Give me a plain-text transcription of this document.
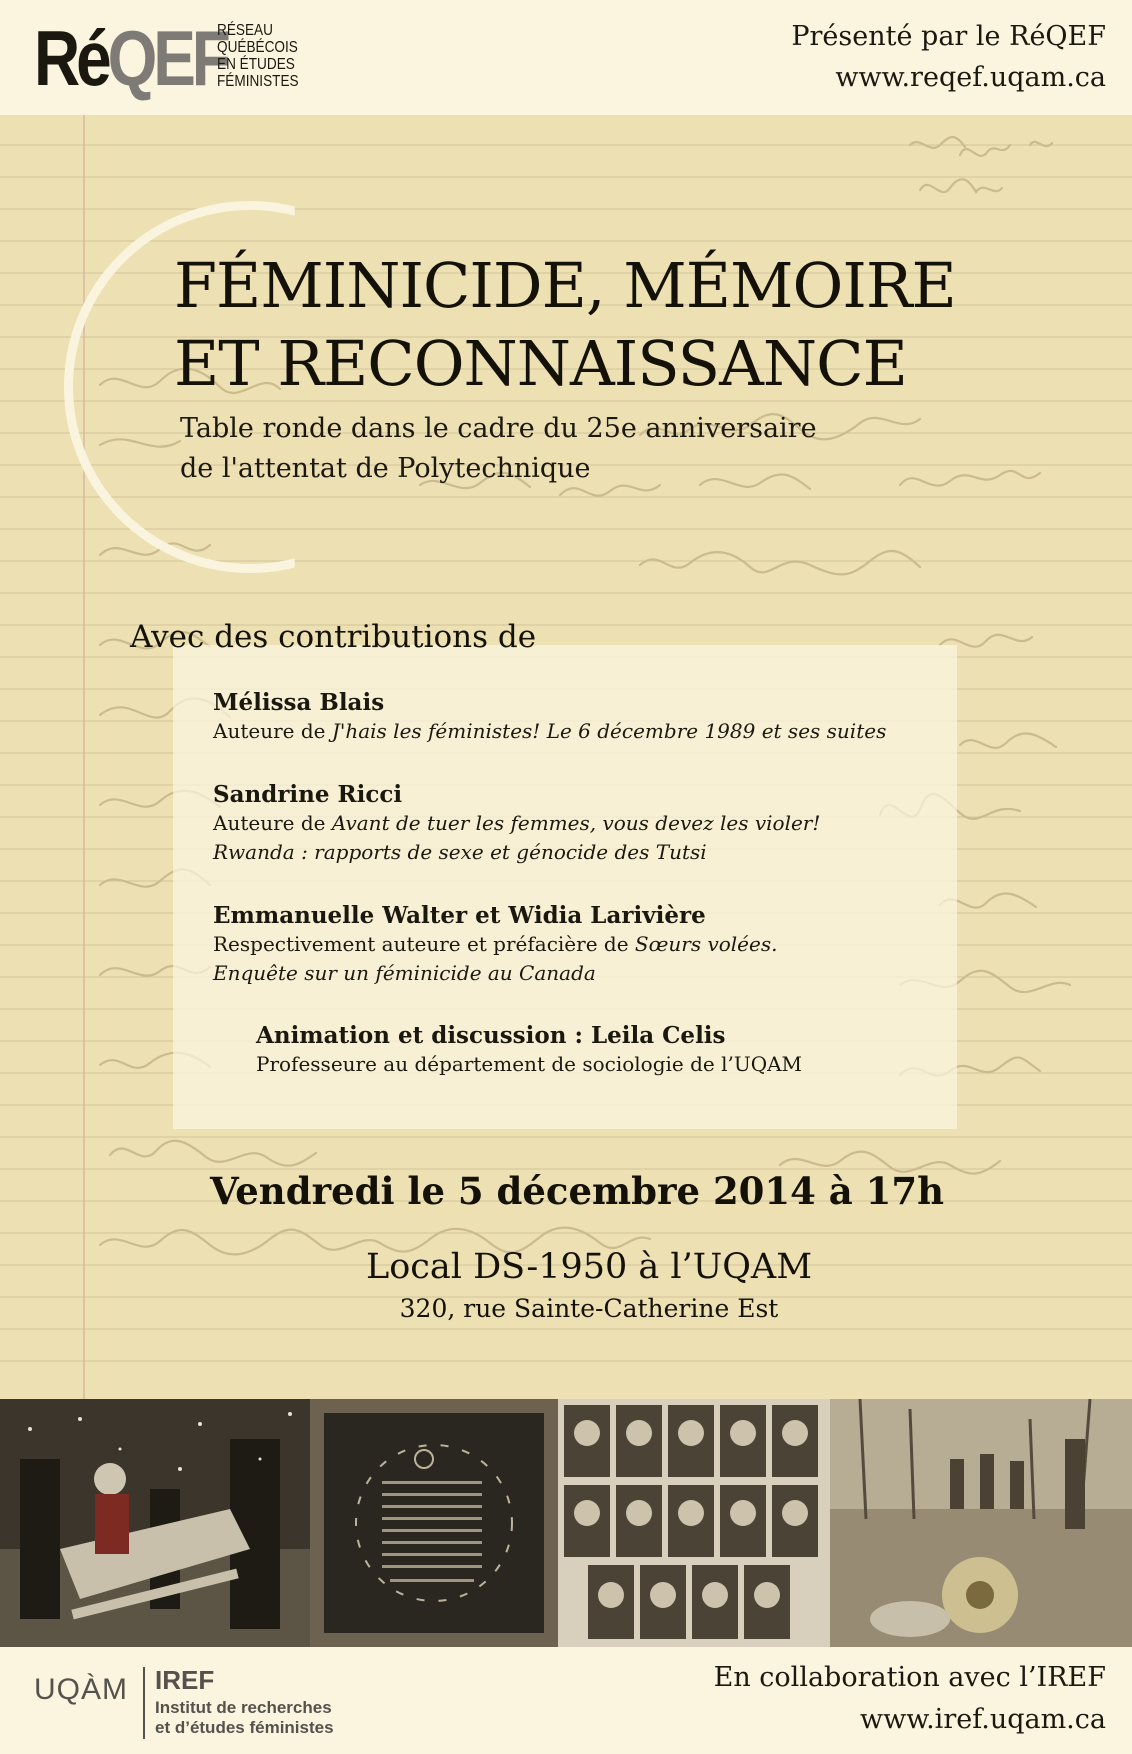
RéQEF
RÉSEAU
QUÉBÉCOIS
EN ÉTUDES
FÉMINISTES
Présenté par le RéQEF
www.reqef.uqam.ca
FÉMINICIDE, MÉMOIRE
ET RECONNAISSANCE
Table ronde dans le cadre du 25e anniversaire
de l'attentat de Polytechnique
Avec des contributions de
Mélissa Blais
Auteure de J'hais les féministes! Le 6 décembre 1989 et ses suites
Sandrine Ricci
Auteure de Avant de tuer les femmes, vous devez les violer!
Rwanda : rapports de sexe et génocide des Tutsi
Emmanuelle Walter et Widia Larivière
Respectivement auteure et préfacière de Sœurs volées.
Enquête sur un féminicide au Canada
Animation et discussion : Leila Celis
Professeure au département de sociologie de l’UQAM
Vendredi le 5 décembre 2014 à 17h
Local DS-1950 à l’UQAM
320, rue Sainte-Catherine Est
UQÀM IREF
Institut de recherches
et d’études féministes
En collaboration avec l’IREF
www.iref.uqam.ca
